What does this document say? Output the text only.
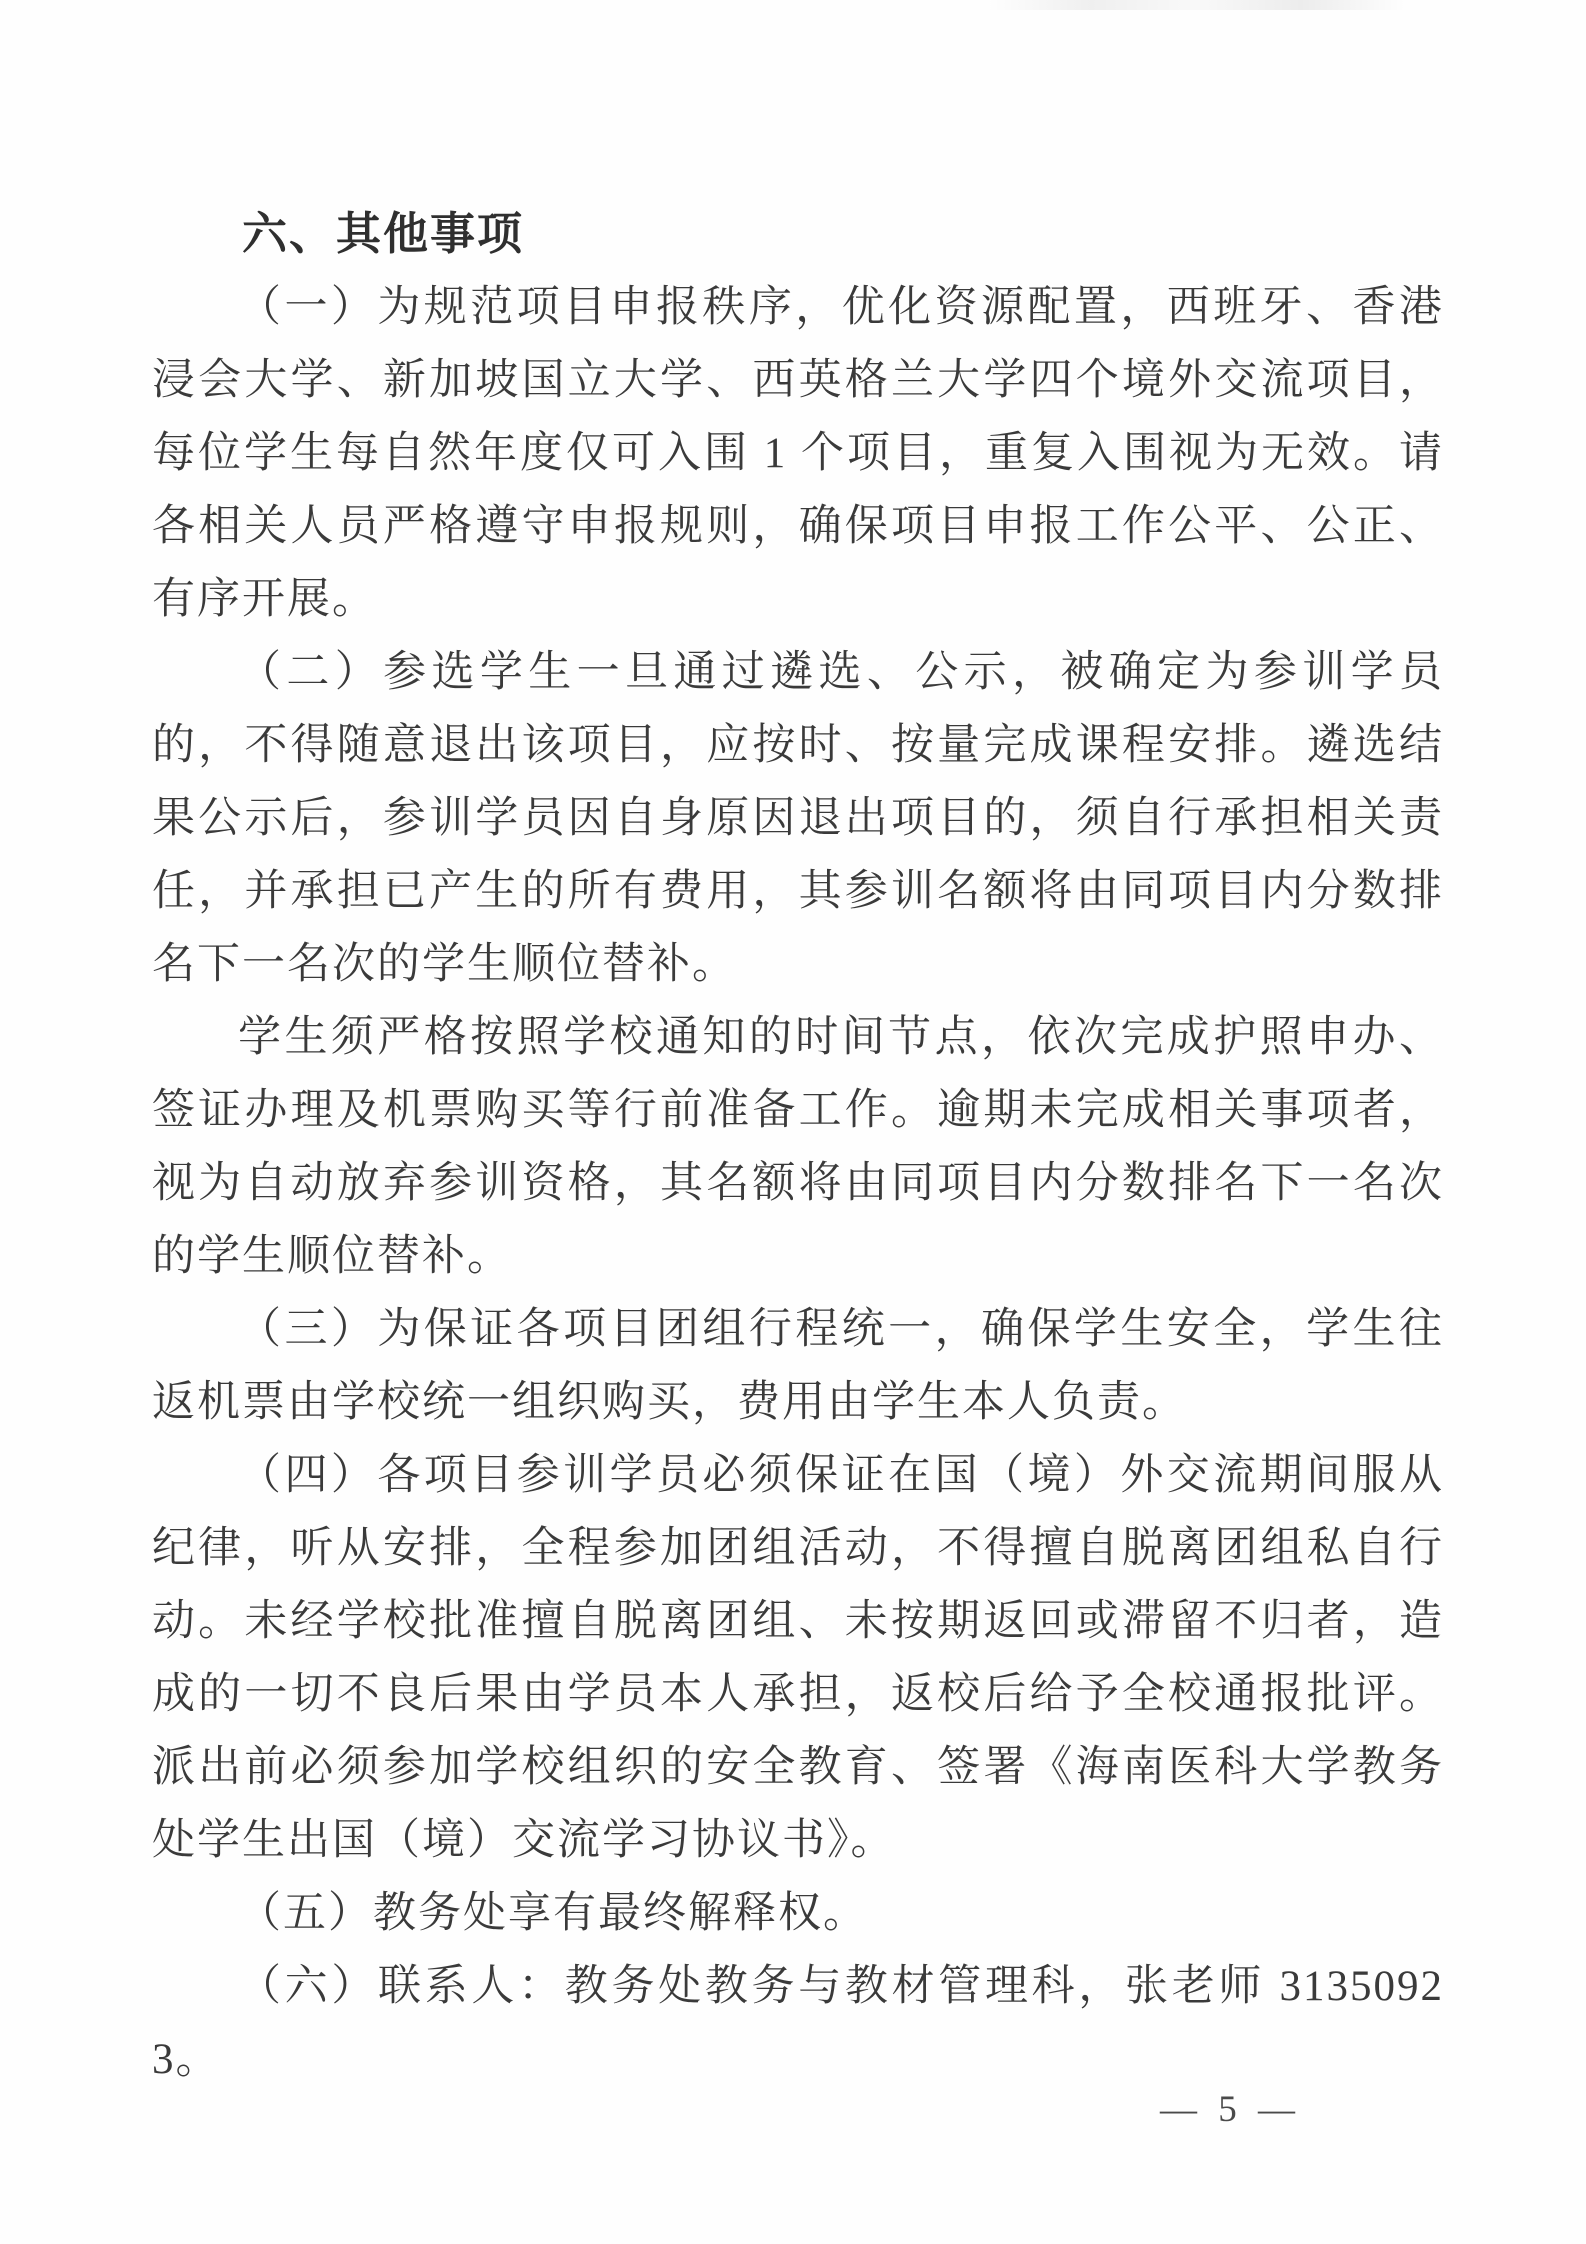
六、其他事项

（一）为规范项目申报秩序，优化资源配置，西班牙、香港浸会大学、新加坡国立大学、西英格兰大学四个境外交流项目，每位学生每自然年度仅可入围 1 个项目，重复入围视为无效。请各相关人员严格遵守申报规则，确保项目申报工作公平、公正、有序开展。

（二）参选学生一旦通过遴选、公示，被确定为参训学员的，不得随意退出该项目，应按时、按量完成课程安排。遴选结果公示后，参训学员因自身原因退出项目的，须自行承担相关责任，并承担已产生的所有费用，其参训名额将由同项目内分数排名下一名次的学生顺位替补。

学生须严格按照学校通知的时间节点，依次完成护照申办、签证办理及机票购买等行前准备工作。逾期未完成相关事项者，视为自动放弃参训资格，其名额将由同项目内分数排名下一名次的学生顺位替补。

（三）为保证各项目团组行程统一，确保学生安全，学生往返机票由学校统一组织购买，费用由学生本人负责。

（四）各项目参训学员必须保证在国（境）外交流期间服从纪律，听从安排，全程参加团组活动，不得擅自脱离团组私自行动。未经学校批准擅自脱离团组、未按期返回或滞留不归者，造成的一切不良后果由学员本人承担，返校后给予全校通报批评。派出前必须参加学校组织的安全教育、签署《海南医科大学教务处学生出国（境）交流学习协议书》。

（五）教务处享有最终解释权。

（六）联系人：教务处教务与教材管理科，张老师 31350923。

— 5 —
